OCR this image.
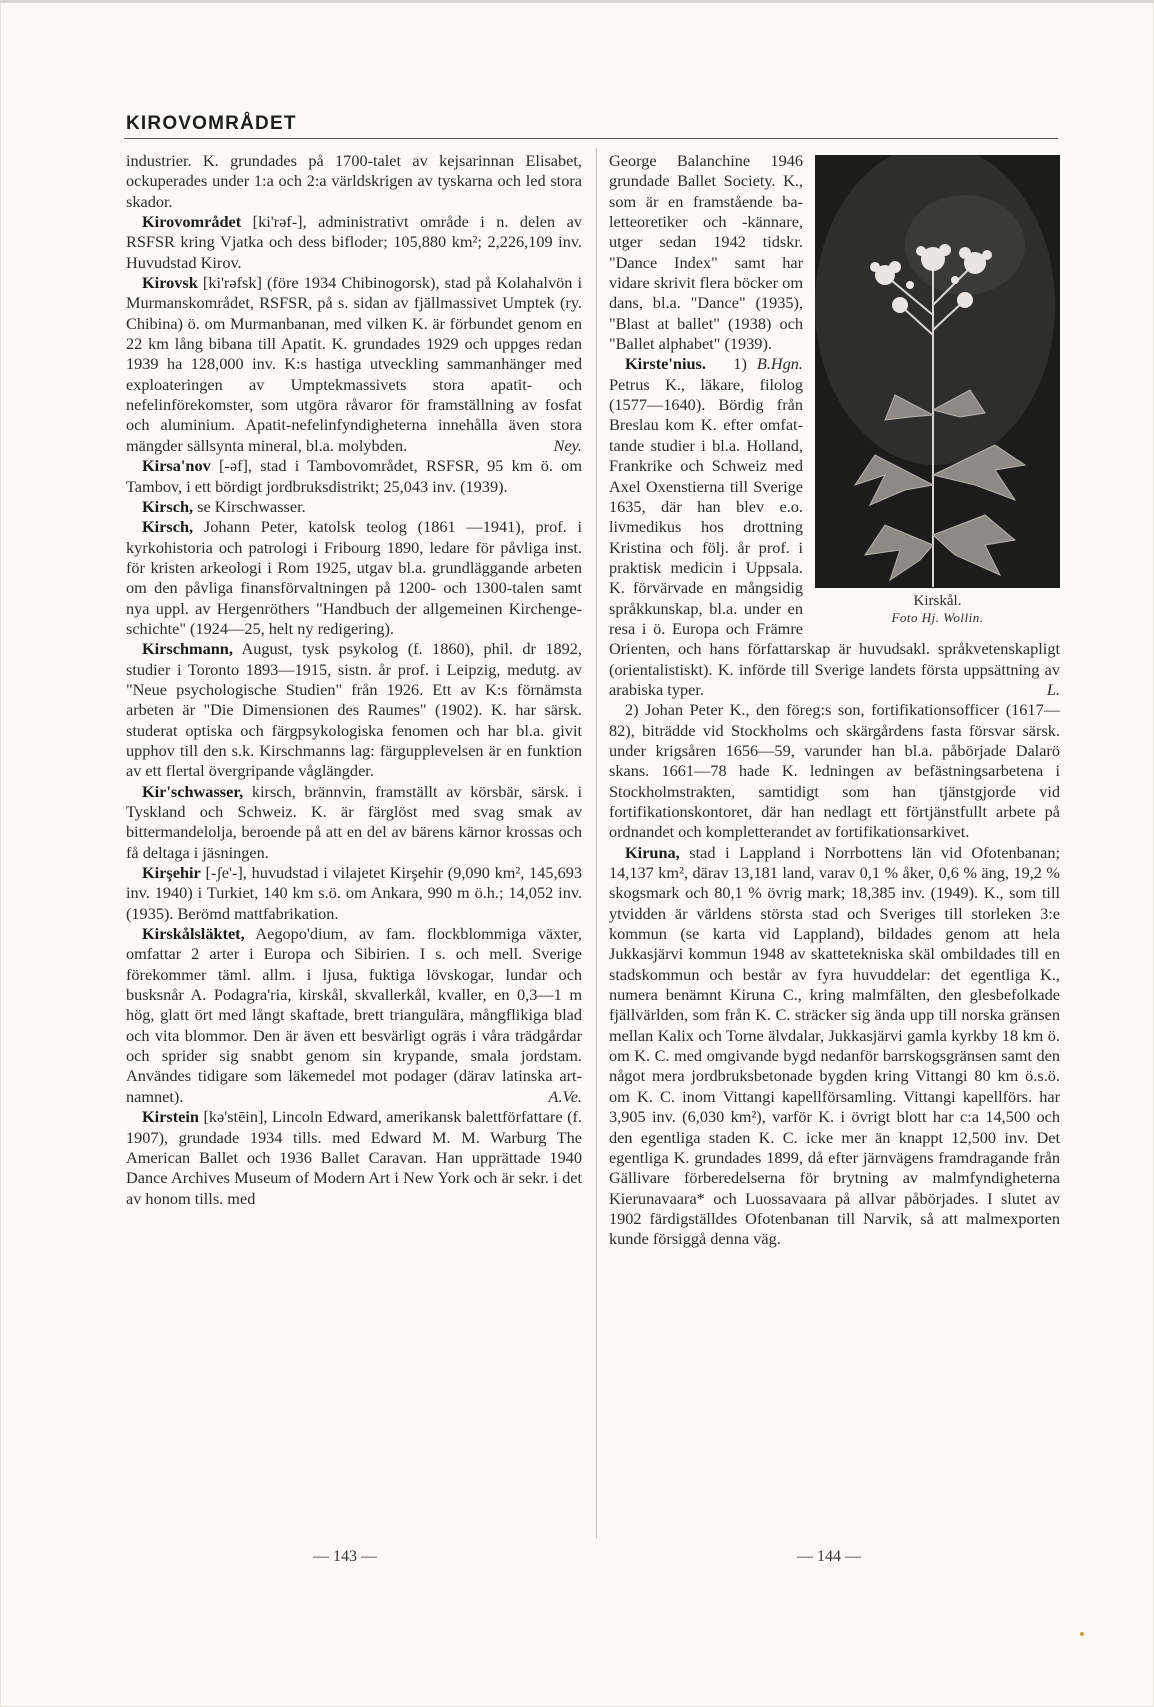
KIROVOMRÅDET

industrier. K. grundades på 1700-talet av kejsarinnan Elisabet, ockuperades under 1:a och 2:a världskrigen av tyskarna och led stora skador.

Kirovområdet [ki'rəf-], administrativt område i n. delen av RSFSR kring Vjatka och dess bifloder; 105,880 km²; 2,226,109 inv. Huvudstad Kirov.

Kirovsk [ki'rəfsk] (före 1934 Chibinogorsk), stad på Kolahalvön i Murmanskområdet, RSFSR, på s. sidan av fjällmassivet Umptek (ry. Chibina) ö. om Murmanbanan, med vilken K. är förbundet genom en 22 km lång bibana till Apatit. K. grundades 1929 och uppges redan 1939 ha 128,000 inv. K:s hastiga utveckling sammanhänger med exploateringen av Umptekmassivets stora apatit- och nefelinförekomster, som utgöra råvaror för framställning av fosfat och aluminium. Apatit-nefelinfyndigheterna innehålla även stora mängder sällsynta mineral, bl.a. molybden.	Ney.

Kirsa'nov [-əf], stad i Tambovområdet, RSFSR, 95 km ö. om Tambov, i ett bördigt jordbruksdistrikt; 25,043 inv. (1939).

Kirsch, se Kirschwasser.

Kirsch, Johann Peter, katolsk teolog (1861 —1941), prof. i kyrkohistoria och patrologi i Fribourg 1890, ledare för påvliga inst. för kristen arkeologi i Rom 1925, utgav bl.a. grundläggande arbeten om den påvliga finansförvaltningen på 1200- och 1300-talen samt nya uppl. av Hergenröthers "Handbuch der allgemeinen Kirchengeschichte" (1924—25, helt ny redigering).

Kirschmann, August, tysk psykolog (f. 1860), phil. dr 1892, studier i Toronto 1893—1915, sistn. år prof. i Leipzig, medutg. av "Neue psychologische Studien" från 1926. Ett av K:s förnämsta arbeten är "Die Dimensionen des Raumes" (1902). K. har särsk. studerat optiska och färgpsykologiska fenomen och har bl.a. givit upphov till den s.k. Kirschmanns lag: färgupplevelsen är en funktion av ett flertal övergripande våglängder.

Kir'schwasser, kirsch, brännvin, framställt av körsbär, särsk. i Tyskland och Schweiz. K. är färglöst med svag smak av bittermandelolja, beroende på att en del av bärens kärnor krossas och få deltaga i jäsningen.

Kirşehir [-ʃe'-], huvudstad i vilajetet Kirşehir (9,090 km², 145,693 inv. 1940) i Turkiet, 140 km s.ö. om Ankara, 990 m ö.h.; 14,052 inv. (1935). Berömd mattfabrikation.

Kirskålsläktet, Aegopo'dium, av fam. flockblommiga växter, omfattar 2 arter i Europa och Sibirien. I s. och mell. Sverige förekommer täml. allm. i ljusa, fuktiga lövskogar, lundar och busksnår A. Podagra'ria, kirskål, skvallerkål, kvaller, en 0,3—1 m hög, glatt ört med långt skaftade, brett triangulära, mångflikiga blad och vita blommor. Den är även ett besvärligt ogräs i våra trädgårdar och sprider sig snabbt genom sin krypande, smala jordstam. Användes tidigare som läkemedel mot podager (därav latinska artnamnet).	A.Ve.

Kirstein [kə'stēin], Lincoln Edward, amerikansk balettförfattare (f. 1907), grundade 1934 tills. med Edward M. M. Warburg The American Ballet och 1936 Ballet Caravan. Han upprättade 1940 Dance Archives Museum of Modern Art i New York och är sekr. i det av honom tills. med

Kirskål.
Foto Hj. Wollin.

George Balanchine 1946 grundade Ballet Society. K., som är en framstående baletteoretiker och -kännare, utger sedan 1942 tidskr. "Dance Index" samt har vidare skrivit flera böcker om dans, bl.a. "Dance" (1935), "Blast at ballet" (1938) och "Ballet alphabet" (1939).
B.Hgn.

Kirste'nius. 1) Petrus K., läkare, filolog (1577—1640). Bördig från Breslau kom K. efter omfattande studier i bl.a. Holland, Frankrike och Schweiz med Axel Oxenstierna till Sverige 1635, där han blev e.o. livmedikus hos drottning Kristina och följ. år prof. i praktisk medicin i Uppsala. K. förvärvade en mångsidig språkkunskap, bl.a. under en resa i ö. Europa och Främre Orienten, och hans författarskap är huvudsakl. språkvetenskapligt (orientalistiskt). K. införde till Sverige landets första uppsättning av arabiska typer.	L.

2) Johan Peter K., den föreg:s son, fortifikationsofficer (1617—82), biträdde vid Stockholms och skärgårdens fasta försvar särsk. under krigsåren 1656—59, varunder han bl.a. påbörjade Dalarö skans. 1661—78 hade K. ledningen av befästningsarbetena i Stockholmstrakten, samtidigt som han tjänstgjorde vid fortifikationskontoret, där han nedlagt ett förtjänstfullt arbete på ordnandet och kompletterandet av fortifikationsarkivet.

Kiruna, stad i Lappland i Norrbottens län vid Ofotenbanan; 14,137 km², därav 13,181 land, varav 0,1 % åker, 0,6 % äng, 19,2 % skogsmark och 80,1 % övrig mark; 18,385 inv. (1949). K., som till ytvidden är världens största stad och Sveriges till storleken 3:e kommun (se karta vid Lappland), bildades genom att hela Jukkasjärvi kommun 1948 av skattetekniska skäl ombildades till en stadskommun och består av fyra huvuddelar: det egentliga K., numera benämnt Kiruna C., kring malmfälten, den glesbefolkade fjällvärlden, som från K. C. sträcker sig ända upp till norska gränsen mellan Kalix och Torne älvdalar, Jukkasjärvi gamla kyrkby 18 km ö. om K. C. med omgivande bygd nedanför barrskogsgränsen samt den något mera jordbruksbetonade bygden kring Vittangi 80 km ö.s.ö. om K. C. inom Vittangi kapellförsamling. Vittangi kapellförs. har 3,905 inv. (6,030 km²), varför K. i övrigt blott har c:a 14,500 och den egentliga staden K. C. icke mer än knappt 12,500 inv. Det egentliga K. grundades 1899, då efter järnvägens framdragande från Gällivare förberedelserna för brytning av malmfyndigheterna Kierunavaara* och Luossavaara på allvar påbörjades. I slutet av 1902 färdigställdes Ofotenbanan till Narvik, så att malmexporten kunde försiggå denna väg.

— 143 —	— 144 —
